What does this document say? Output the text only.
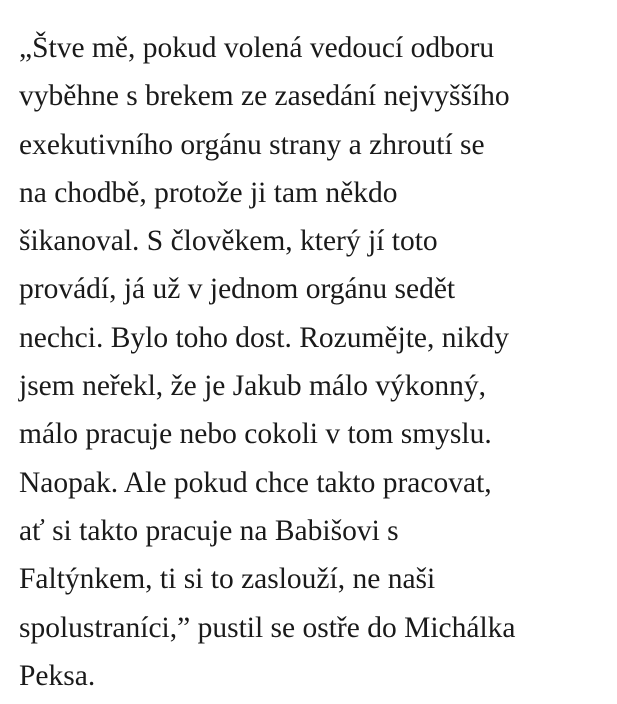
„Štve mě, pokud volená vedoucí odboru
vyběhne s brekem ze zasedání nejvyššího
exekutivního orgánu strany a zhroutí se
na chodbě, protože ji tam někdo
šikanoval. S člověkem, který jí toto
provádí, já už v jednom orgánu sedět
nechci. Bylo toho dost. Rozumějte, nikdy
jsem neřekl, že je Jakub málo výkonný,
málo pracuje nebo cokoli v tom smyslu.
Naopak. Ale pokud chce takto pracovat,
ať si takto pracuje na Babišovi s
Faltýnkem, ti si to zaslouží, ne naši
spolustraníci,” pustil se ostře do Michálka
Peksa.
